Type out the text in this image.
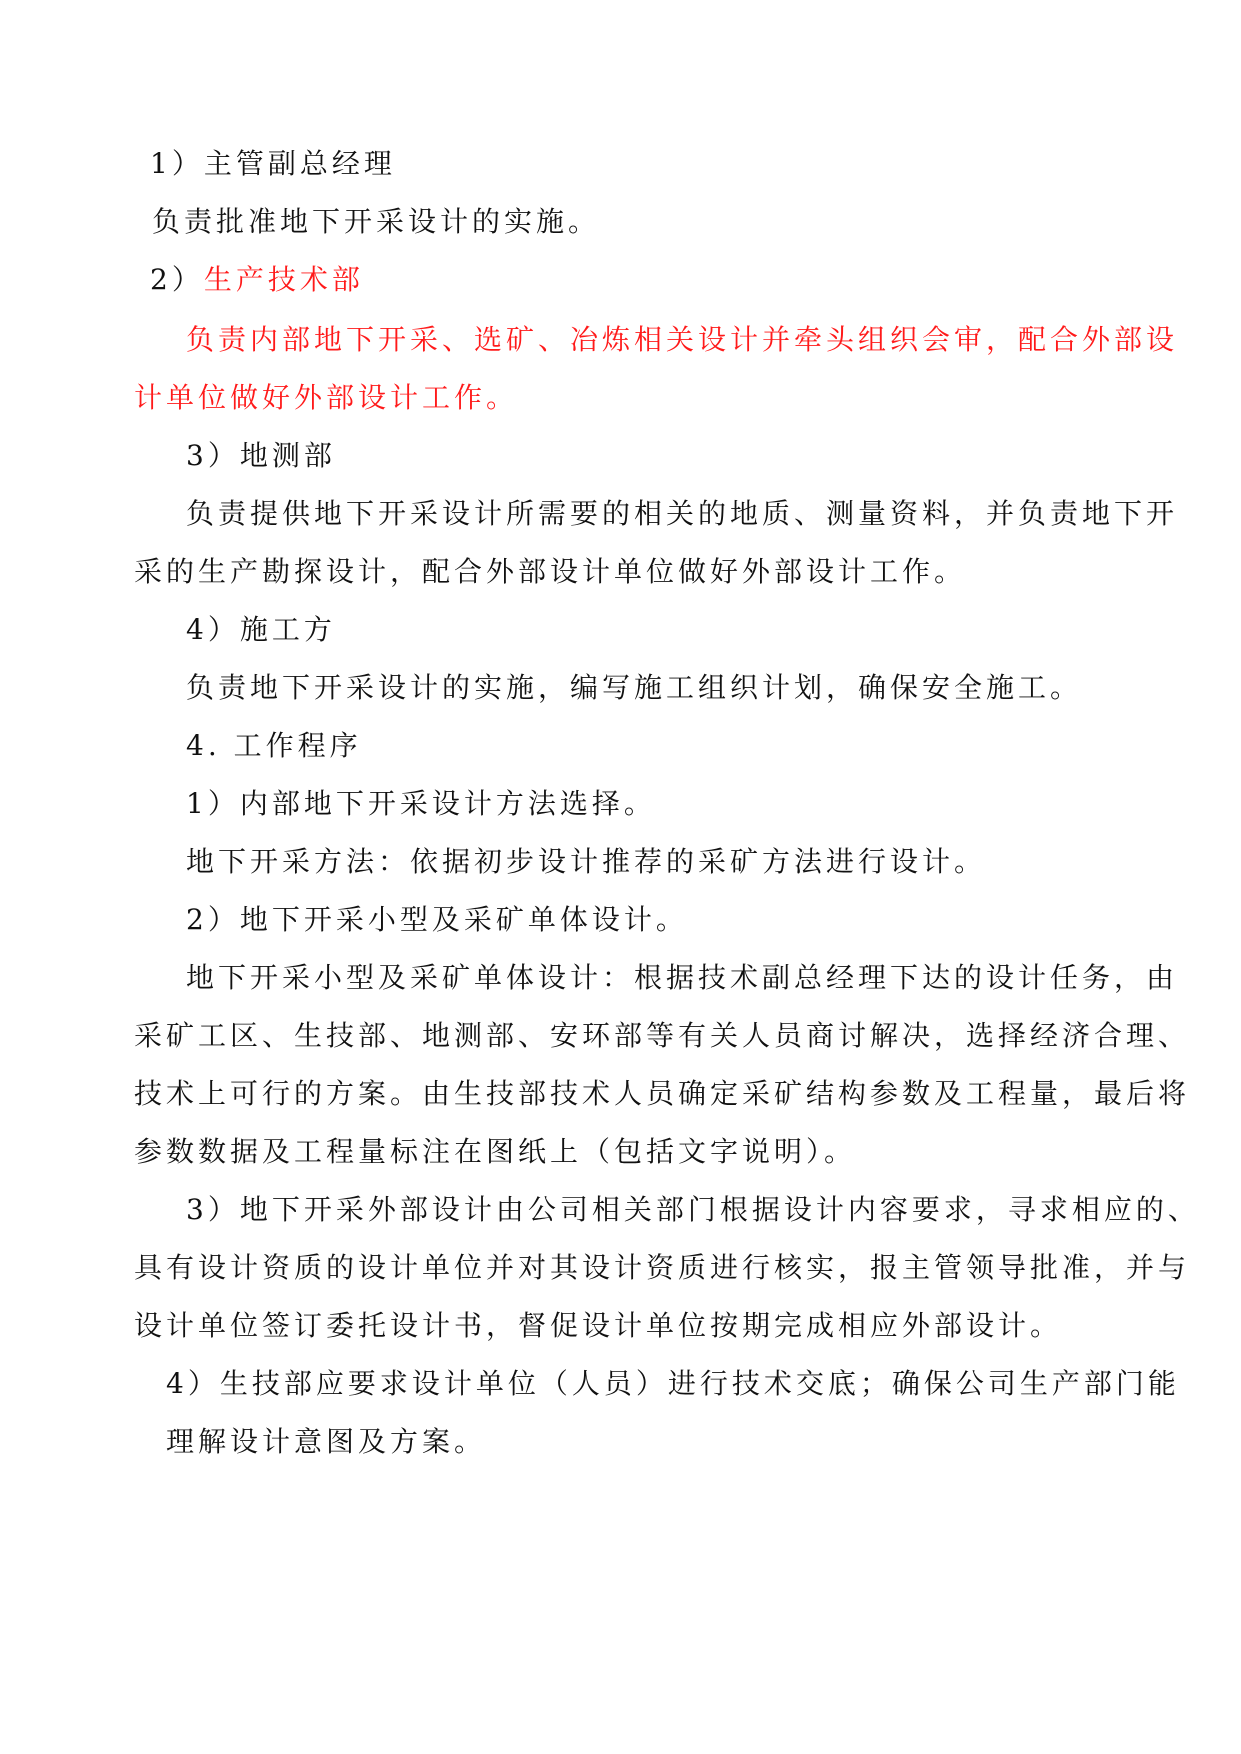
1）主管副总经理
负责批准地下开采设计的实施。
2）生产技术部
负责内部地下开采、选矿、冶炼相关设计并牵头组织会审，配合外部设
计单位做好外部设计工作。
3）地测部
负责提供地下开采设计所需要的相关的地质、测量资料，并负责地下开
采的生产勘探设计，配合外部设计单位做好外部设计工作。
4）施工方
负责地下开采设计的实施，编写施工组织计划，确保安全施工。
4. 工作程序
1）内部地下开采设计方法选择。
地下开采方法：依据初步设计推荐的采矿方法进行设计。
2）地下开采小型及采矿单体设计。
地下开采小型及采矿单体设计：根据技术副总经理下达的设计任务，由
采矿工区、生技部、地测部、安环部等有关人员商讨解决，选择经济合理、
技术上可行的方案。由生技部技术人员确定采矿结构参数及工程量，最后将
参数数据及工程量标注在图纸上（包括文字说明）。
3）地下开采外部设计由公司相关部门根据设计内容要求，寻求相应的、
具有设计资质的设计单位并对其设计资质进行核实，报主管领导批准，并与
设计单位签订委托设计书，督促设计单位按期完成相应外部设计。
4）生技部应要求设计单位（人员）进行技术交底；确保公司生产部门能
理解设计意图及方案。
